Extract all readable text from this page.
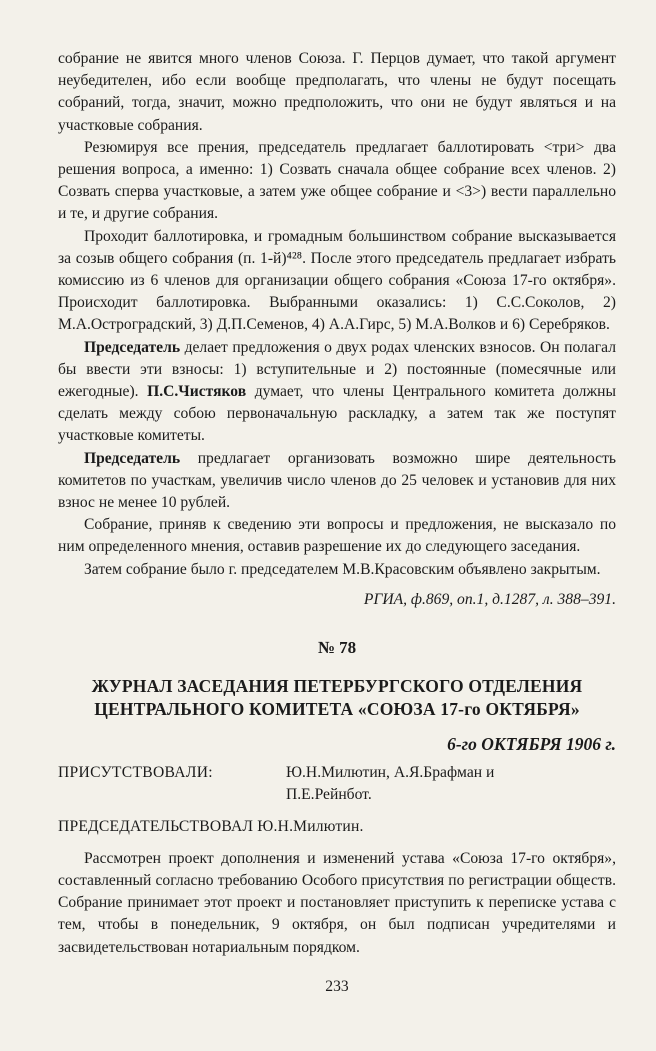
собрание не явится много членов Союза. Г. Перцов думает, что такой аргумент неубедителен, ибо если вообще предполагать, что члены не будут посещать собраний, тогда, значит, можно предположить, что они не будут являться и на участковые собрания.

Резюмируя все прения, председатель предлагает баллотировать <три> два решения вопроса, а именно: 1) Созвать сначала общее собрание всех членов. 2) Созвать сперва участковые, а затем уже общее собрание и <3>) вести параллельно и те, и другие собрания.

Проходит баллотировка, и громадным большинством собрание высказывается за созыв общего собрания (п. 1-й)⁴²⁸. После этого председатель предлагает избрать комиссию из 6 членов для организации общего собрания «Союза 17-го октября». Происходит баллотировка. Выбранными оказались: 1) С.С.Соколов, 2) М.А.Остроградский, 3) Д.П.Семенов, 4) А.А.Гирс, 5) М.А.Волков и 6) Серебряков.

Председатель делает предложения о двух родах членских взносов. Он полагал бы ввести эти взносы: 1) вступительные и 2) постоянные (помесячные или ежегодные). П.С.Чистяков думает, что члены Центрального комитета должны сделать между собою первоначальную раскладку, а затем так же поступят участковые комитеты.

Председатель предлагает организовать возможно шире деятельность комитетов по участкам, увеличив число членов до 25 человек и установив для них взнос не менее 10 рублей.

Собрание, приняв к сведению эти вопросы и предложения, не высказало по ним определенного мнения, оставив разрешение их до следующего заседания.

Затем собрание было г. председателем М.В.Красовским объявлено закрытым.

РГИА, ф.869, оп.1, д.1287, л. 388–391.
№ 78
ЖУРНАЛ ЗАСЕДАНИЯ ПЕТЕРБУРГСКОГО ОТДЕЛЕНИЯ
ЦЕНТРАЛЬНОГО КОМИТЕТА «СОЮЗА 17-го ОКТЯБРЯ»
6-го ОКТЯБРЯ 1906 г.
ПРИСУТСТВОВАЛИ:	Ю.Н.Милютин, А.Я.Брафман и
П.Е.Рейнбот.
ПРЕДСЕДАТЕЛЬСТВОВАЛ Ю.Н.Милютин.

Рассмотрен проект дополнения и изменений устава «Союза 17-го октября», составленный согласно требованию Особого присутствия по регистрации обществ. Собрание принимает этот проект и постановляет приступить к переписке устава с тем, чтобы в понедельник, 9 октября, он был подписан учредителями и засвидетельствован нотариальным порядком.

233
